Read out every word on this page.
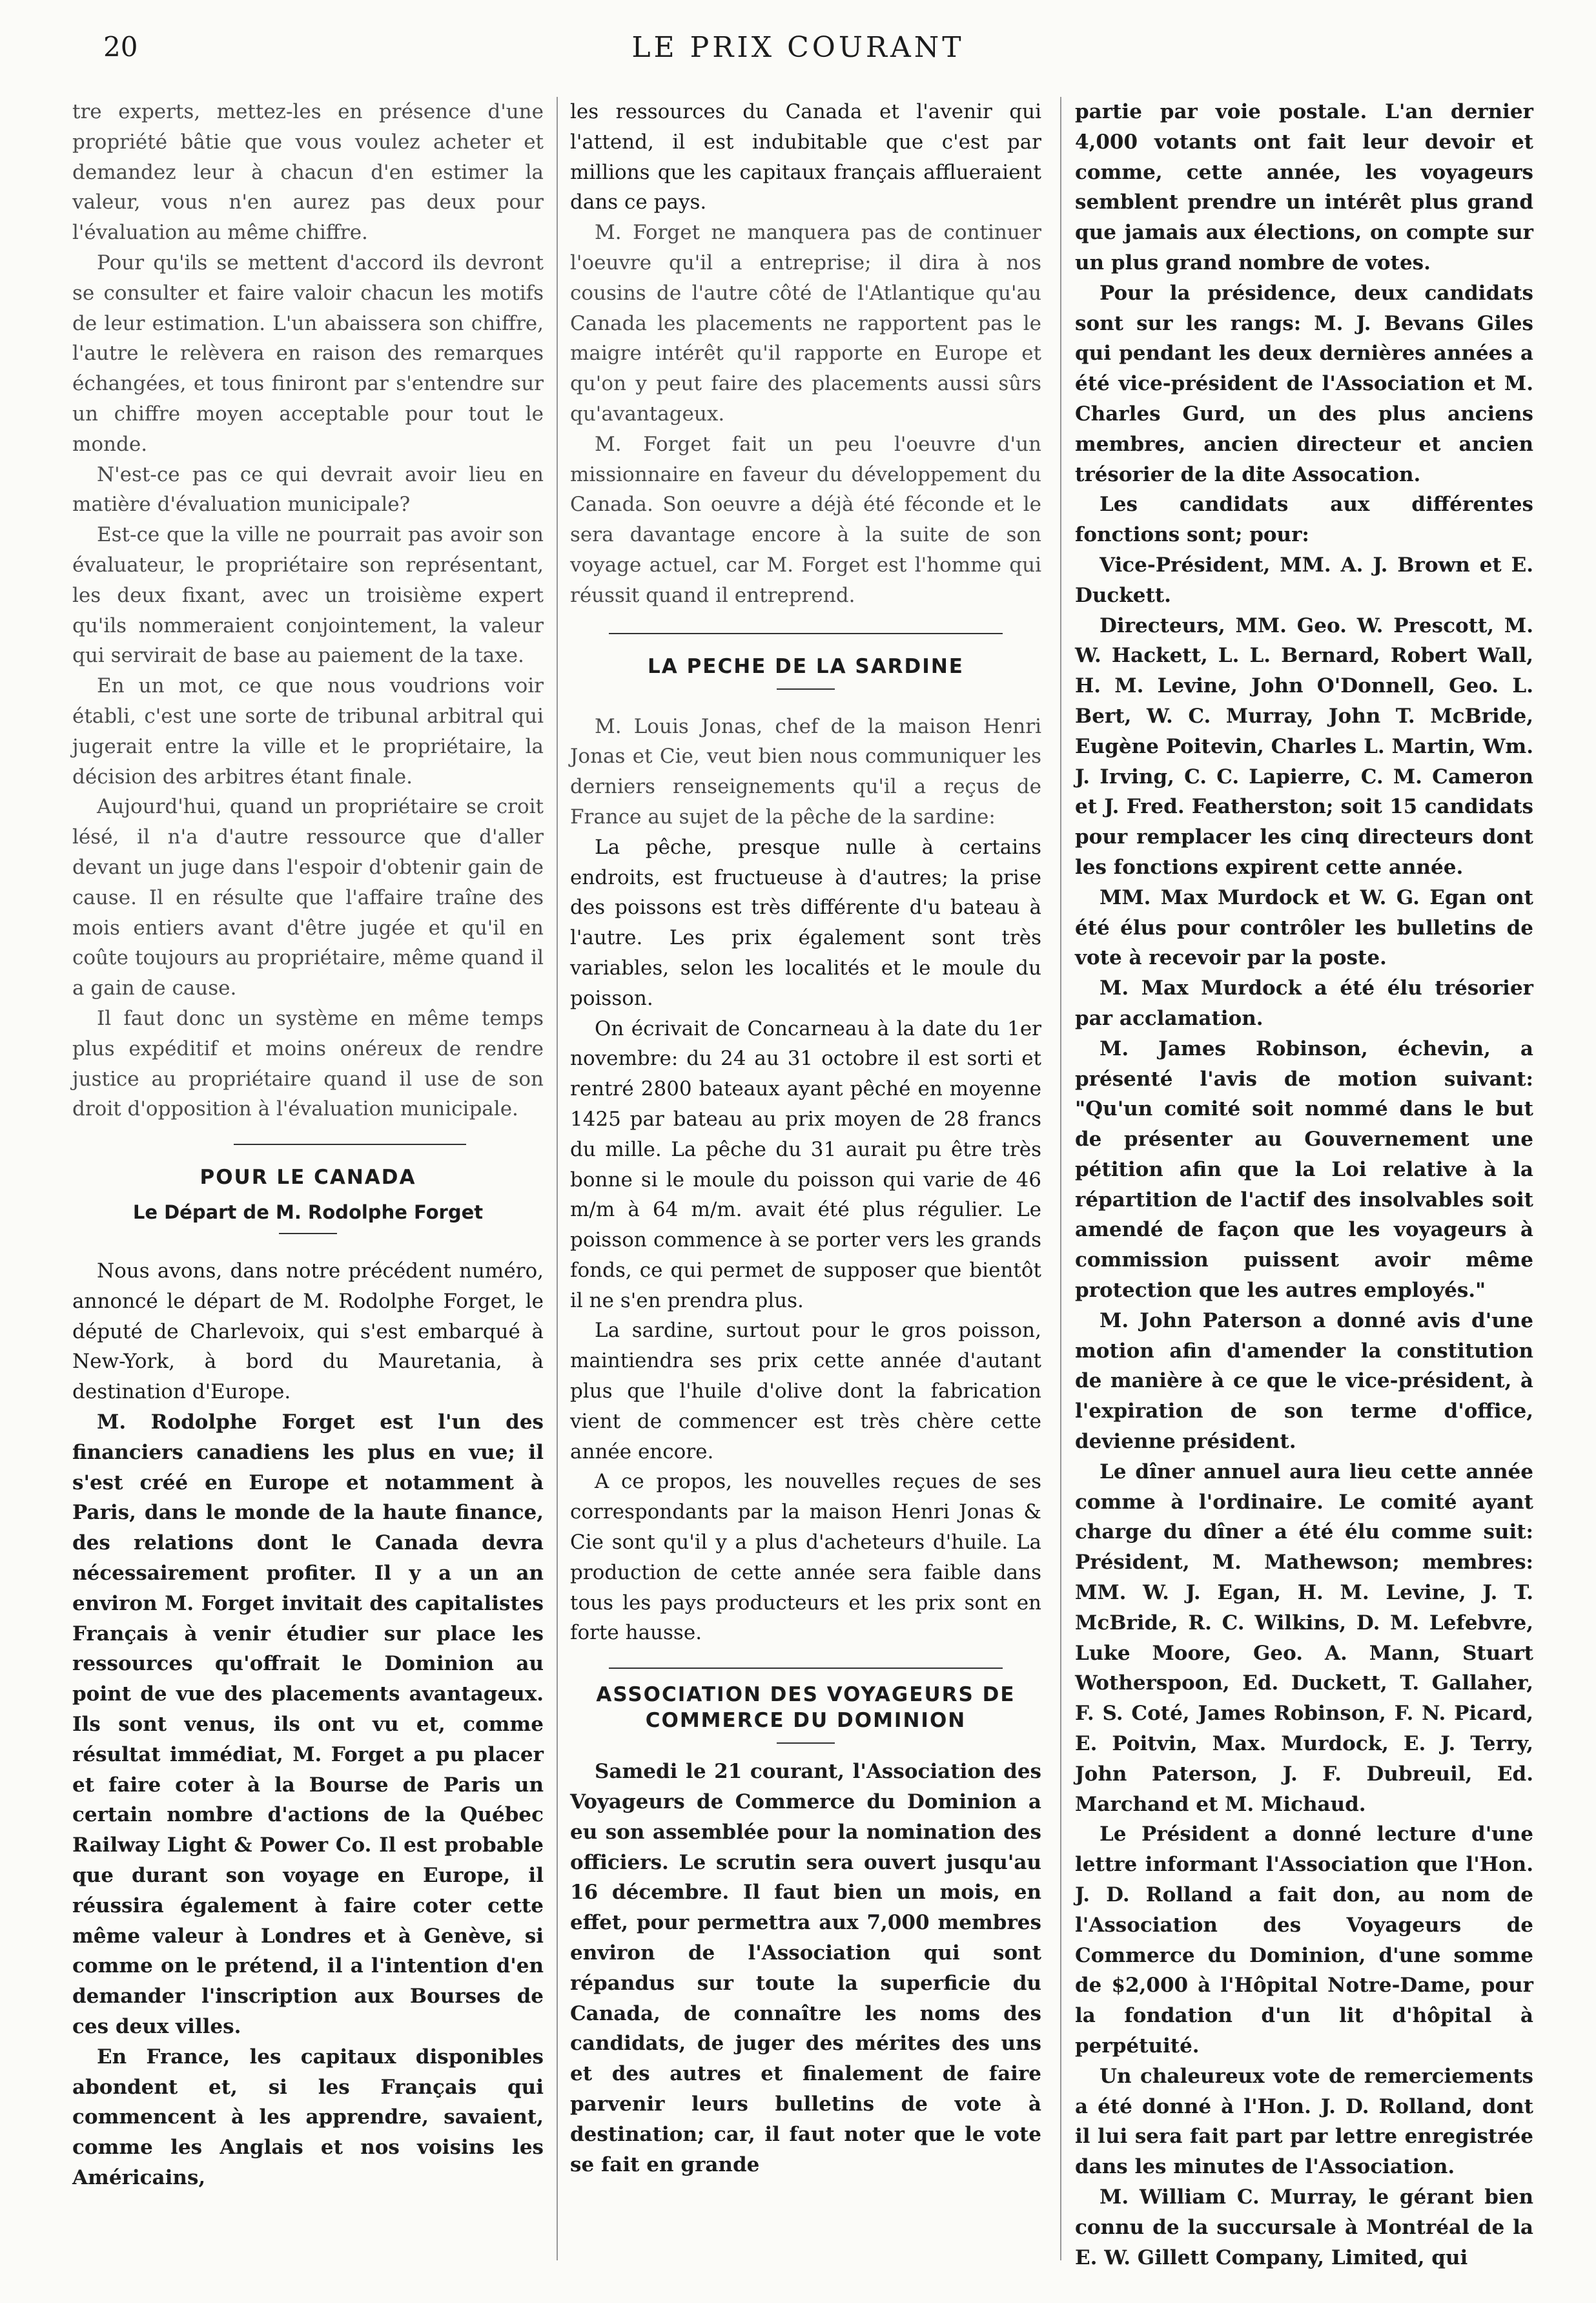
20	LE PRIX COURANT

tre experts, mettez-les en présence d'une propriété bâtie que vous voulez acheter et demandez leur à chacun d'en estimer la valeur, vous n'en aurez pas deux pour l'évaluation au même chiffre.

Pour qu'ils se mettent d'accord ils devront se consulter et faire valoir chacun les motifs de leur estimation. L'un abaissera son chiffre, l'autre le relèvera en raison des remarques échangées, et tous finiront par s'entendre sur un chiffre moyen acceptable pour tout le monde.

N'est-ce pas ce qui devrait avoir lieu en matière d'évaluation municipale?

Est-ce que la ville ne pourrait pas avoir son évaluateur, le propriétaire son représentant, les deux fixant, avec un troisième expert qu'ils nommeraient conjointement, la valeur qui servirait de base au paiement de la taxe.

En un mot, ce que nous voudrions voir établi, c'est une sorte de tribunal arbitral qui jugerait entre la ville et le propriétaire, la décision des arbitres étant finale.

Aujourd'hui, quand un propriétaire se croit lésé, il n'a d'autre ressource que d'aller devant un juge dans l'espoir d'obtenir gain de cause. Il en résulte que l'affaire traîne des mois entiers avant d'être jugée et qu'il en coûte toujours au propriétaire, même quand il a gain de cause.

Il faut donc un système en même temps plus expéditif et moins onéreux de rendre justice au propriétaire quand il use de son droit d'opposition à l'évaluation municipale.

POUR LE CANADA
Le Départ de M. Rodolphe Forget

Nous avons, dans notre précédent numéro, annoncé le départ de M. Rodolphe Forget, le député de Charlevoix, qui s'est embarqué à New-York, à bord du Mauretania, à destination d'Europe.

M. Rodolphe Forget est l'un des financiers canadiens les plus en vue; il s'est créé en Europe et notamment à Paris, dans le monde de la haute finance, des relations dont le Canada devra nécessairement profiter. Il y a un an environ M. Forget invitait des capitalistes Français à venir étudier sur place les ressources qu'offrait le Dominion au point de vue des placements avantageux. Ils sont venus, ils ont vu et, comme résultat immédiat, M. Forget a pu placer et faire coter à la Bourse de Paris un certain nombre d'actions de la Québec Railway Light & Power Co. Il est probable que durant son voyage en Europe, il réussira également à faire coter cette même valeur à Londres et à Genève, si comme on le prétend, il a l'intention d'en demander l'inscription aux Bourses de ces deux villes.

En France, les capitaux disponibles abondent et, si les Français qui commencent à les apprendre, savaient, comme les Anglais et nos voisins les Américains,

les ressources du Canada et l'avenir qui l'attend, il est indubitable que c'est par millions que les capitaux français afflueraient dans ce pays.

M. Forget ne manquera pas de continuer l'oeuvre qu'il a entreprise; il dira à nos cousins de l'autre côté de l'Atlantique qu'au Canada les placements ne rapportent pas le maigre intérêt qu'il rapporte en Europe et qu'on y peut faire des placements aussi sûrs qu'avantageux.

M. Forget fait un peu l'oeuvre d'un missionnaire en faveur du développement du Canada. Son oeuvre a déjà été féconde et le sera davantage encore à la suite de son voyage actuel, car M. Forget est l'homme qui réussit quand il entreprend.

LA PECHE DE LA SARDINE

M. Louis Jonas, chef de la maison Henri Jonas et Cie, veut bien nous communiquer les derniers renseignements qu'il a reçus de France au sujet de la pêche de la sardine:

La pêche, presque nulle à certains endroits, est fructueuse à d'autres; la prise des poissons est très différente d'u bateau à l'autre. Les prix également sont très variables, selon les localités et le moule du poisson.

On écrivait de Concarneau à la date du 1er novembre: du 24 au 31 octobre il est sorti et rentré 2800 bateaux ayant pêché en moyenne 1425 par bateau au prix moyen de 28 francs du mille. La pêche du 31 aurait pu être très bonne si le moule du poisson qui varie de 46 m/m à 64 m/m. avait été plus régulier. Le poisson commence à se porter vers les grands fonds, ce qui permet de supposer que bientôt il ne s'en prendra plus.

La sardine, surtout pour le gros poisson, maintiendra ses prix cette année d'autant plus que l'huile d'olive dont la fabrication vient de commencer est très chère cette année encore.

A ce propos, les nouvelles reçues de ses correspondants par la maison Henri Jonas & Cie sont qu'il y a plus d'acheteurs d'huile. La production de cette année sera faible dans tous les pays producteurs et les prix sont en forte hausse.

ASSOCIATION DES VOYAGEURS DE COMMERCE DU DOMINION

Samedi le 21 courant, l'Association des Voyageurs de Commerce du Dominion a eu son assemblée pour la nomination des officiers. Le scrutin sera ouvert jusqu'au 16 décembre. Il faut bien un mois, en effet, pour permettra aux 7,000 membres environ de l'Association qui sont répandus sur toute la superficie du Canada, de connaître les noms des candidats, de juger des mérites des uns et des autres et finalement de faire parvenir leurs bulletins de vote à destination; car, il faut noter que le vote se fait en grande

partie par voie postale. L'an dernier 4,000 votants ont fait leur devoir et comme, cette année, les voyageurs semblent prendre un intérêt plus grand que jamais aux élections, on compte sur un plus grand nombre de votes.

Pour la présidence, deux candidats sont sur les rangs: M. J. Bevans Giles qui pendant les deux dernières années a été vice-président de l'Association et M. Charles Gurd, un des plus anciens membres, ancien directeur et ancien trésorier de la dite Assocation.

Les candidats aux différentes fonctions sont; pour:

Vice-Président, MM. A. J. Brown et E. Duckett.

Directeurs, MM. Geo. W. Prescott, M. W. Hackett, L. L. Bernard, Robert Wall, H. M. Levine, John O'Donnell, Geo. L. Bert, W. C. Murray, John T. McBride, Eugène Poitevin, Charles L. Martin, Wm. J. Irving, C. C. Lapierre, C. M. Cameron et J. Fred. Featherston; soit 15 candidats pour remplacer les cinq directeurs dont les fonctions expirent cette année.

MM. Max Murdock et W. G. Egan ont été élus pour contrôler les bulletins de vote à recevoir par la poste.

M. Max Murdock a été élu trésorier par acclamation.

M. James Robinson, échevin, a présenté l'avis de motion suivant: "Qu'un comité soit nommé dans le but de présenter au Gouvernement une pétition afin que la Loi relative à la répartition de l'actif des insolvables soit amendé de façon que les voyageurs à commission puissent avoir même protection que les autres employés."

M. John Paterson a donné avis d'une motion afin d'amender la constitution de manière à ce que le vice-président, à l'expiration de son terme d'office, devienne président.

Le dîner annuel aura lieu cette année comme à l'ordinaire. Le comité ayant charge du dîner a été élu comme suit: Président, M. Mathewson; membres: MM. W. J. Egan, H. M. Levine, J. T. McBride, R. C. Wilkins, D. M. Lefebvre, Luke Moore, Geo. A. Mann, Stuart Wotherspoon, Ed. Duckett, T. Gallaher, F. S. Coté, James Robinson, F. N. Picard, E. Poitvin, Max. Murdock, E. J. Terry, John Paterson, J. F. Dubreuil, Ed. Marchand et M. Michaud.

Le Président a donné lecture d'une lettre informant l'Association que l'Hon. J. D. Rolland a fait don, au nom de l'Association des Voyageurs de Commerce du Dominion, d'une somme de $2,000 à l'Hôpital Notre-Dame, pour la fondation d'un lit d'hôpital à perpétuité.

Un chaleureux vote de remerciements a été donné à l'Hon. J. D. Rolland, dont il lui sera fait part par lettre enregistrée dans les minutes de l'Association.

M. William C. Murray, le gérant bien connu de la succursale à Montréal de la E. W. Gillett Company, Limited, qui
